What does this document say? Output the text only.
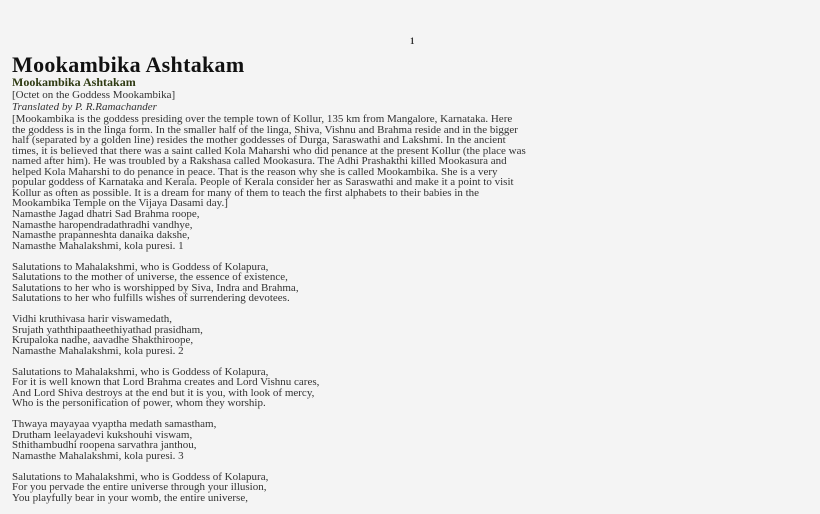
1
Mookambika Ashtakam
Mookambika Ashtakam
[Octet on the Goddess Mookambika]
Translated by P. R.Ramachander

[Mookambika is the goddess presiding over the temple town of Kollur, 135 km from Mangalore, Karnataka. Here
the goddess is in the linga form. In the smaller half of the linga, Shiva, Vishnu and Brahma reside and in the bigger
half (separated by a golden line) resides the mother goddesses of Durga, Saraswathi and Lakshmi. In the ancient
times, it is believed that there was a saint called Kola Maharshi who did penance at the present Kollur (the place was
named after him). He was troubled by a Rakshasa called Mookasura. The Adhi Prashakthi killed Mookasura and
helped Kola Maharshi to do penance in peace. That is the reason why she is called Mookambika. She is a very
popular goddess of Karnataka and Kerala. People of Kerala consider her as Saraswathi and make it a point to visit
Kollur as often as possible. It is a dream for many of them to teach the first alphabets to their babies in the
Mookambika Temple on the Vijaya Dasami day.]

Namasthe Jagad dhatri Sad Brahma roope,
Namasthe haropendradathradhi vandhye,
Namasthe prapanneshta danaika dakshe,
Namasthe Mahalakshmi, kola puresi. 1

Salutations to Mahalakshmi, who is Goddess of Kolapura,
Salutations to the mother of universe, the essence of existence,
Salutations to her who is worshipped by Siva, Indra and Brahma,
Salutations to her who fulfills wishes of surrendering devotees.

Vidhi kruthivasa harir viswamedath,
Srujath yaththipaatheethiyathad prasidham,
Krupaloka nadhe, aavadhe Shakthiroope,
Namasthe Mahalakshmi, kola puresi. 2

Salutations to Mahalakshmi, who is Goddess of Kolapura,
For it is well known that Lord Brahma creates and Lord Vishnu cares,
And Lord Shiva destroys at the end but it is you, with look of mercy,
Who is the personification of power, whom they worship.

Thwaya mayayaa vyaptha medath samastham,
Drutham leelayadevi kukshouhi viswam,
Sthithambudhi roopena sarvathra janthou,
Namasthe Mahalakshmi, kola puresi. 3

Salutations to Mahalakshmi, who is Goddess of Kolapura,
For you pervade the entire universe through your illusion,
You playfully bear in your womb, the entire universe,
